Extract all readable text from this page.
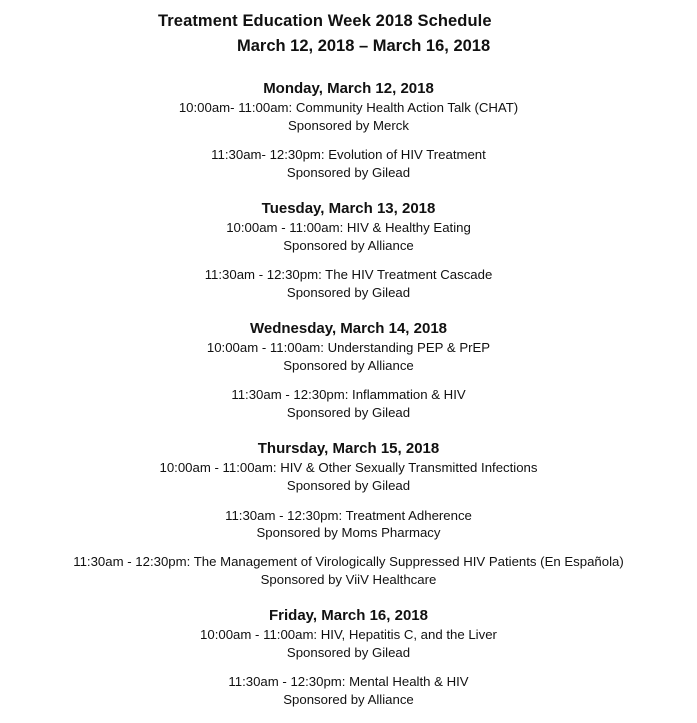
Treatment Education Week 2018 Schedule
March 12, 2018 – March 16, 2018
Monday, March 12, 2018
10:00am- 11:00am: Community Health Action Talk (CHAT)
Sponsored by Merck
11:30am- 12:30pm: Evolution of HIV Treatment
Sponsored by Gilead
Tuesday, March 13, 2018
10:00am - 11:00am: HIV & Healthy Eating
Sponsored by Alliance
11:30am - 12:30pm: The HIV Treatment Cascade
Sponsored by Gilead
Wednesday, March 14, 2018
10:00am - 11:00am: Understanding PEP & PrEP
Sponsored by Alliance
11:30am - 12:30pm: Inflammation & HIV
Sponsored by Gilead
Thursday, March 15, 2018
10:00am - 11:00am: HIV & Other Sexually Transmitted Infections
Sponsored by Gilead
11:30am - 12:30pm: Treatment Adherence
Sponsored by Moms Pharmacy
11:30am - 12:30pm: The Management of Virologically Suppressed HIV Patients (En Española)
Sponsored by ViiV Healthcare
Friday, March 16, 2018
10:00am - 11:00am: HIV, Hepatitis C, and the Liver
Sponsored by Gilead
11:30am - 12:30pm: Mental Health & HIV
Sponsored by Alliance
